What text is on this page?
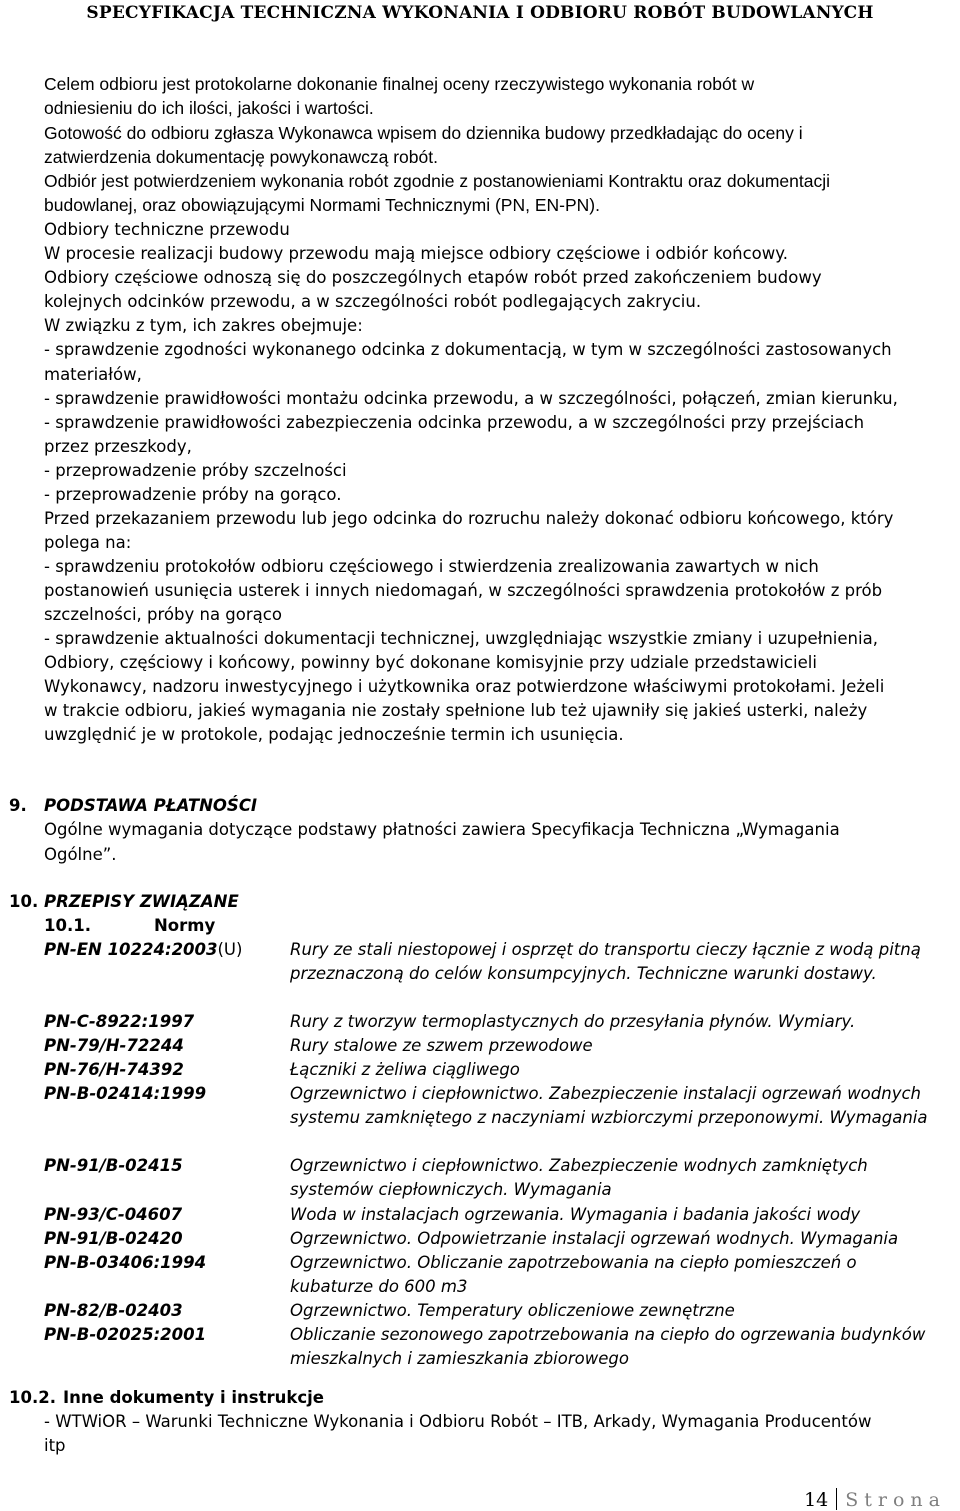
SPECYFIKACJA TECHNICZNA WYKONANIA I ODBIORU ROBÓT BUDOWLANYCH
Celem odbioru jest protokolarne dokonanie finalnej oceny rzeczywistego wykonania robót w
odniesieniu do ich ilości, jakości i wartości.
Gotowość do odbioru zgłasza Wykonawca wpisem do dziennika budowy przedkładając do oceny i
zatwierdzenia dokumentację powykonawczą robót.
Odbiór jest potwierdzeniem wykonania robót zgodnie z postanowieniami Kontraktu oraz dokumentacji
budowlanej, oraz obowiązującymi Normami Technicznymi (PN, EN-PN).
Odbiory techniczne przewodu
W procesie realizacji budowy przewodu mają miejsce odbiory częściowe i odbiór końcowy.
Odbiory częściowe odnoszą się do poszczególnych etapów robót przed zakończeniem budowy
kolejnych odcinków przewodu, a w szczególności robót podlegających zakryciu.
W związku z tym, ich zakres obejmuje:
- sprawdzenie zgodności wykonanego odcinka z dokumentacją, w tym w szczególności zastosowanych
materiałów,
- sprawdzenie prawidłowości montażu odcinka przewodu, a w szczególności, połączeń, zmian kierunku,
- sprawdzenie prawidłowości zabezpieczenia odcinka przewodu, a w szczególności przy przejściach
przez przeszkody,
- przeprowadzenie próby szczelności
- przeprowadzenie próby na gorąco.
Przed przekazaniem przewodu lub jego odcinka do rozruchu należy dokonać odbioru końcowego, który
polega na:
- sprawdzeniu protokołów odbioru częściowego i stwierdzenia zrealizowania zawartych w nich
postanowień usunięcia usterek i innych niedomagań, w szczególności sprawdzenia protokołów z prób
szczelności, próby na gorąco
- sprawdzenie aktualności dokumentacji technicznej, uwzględniając wszystkie zmiany i uzupełnienia,
Odbiory, częściowy i końcowy, powinny być dokonane komisyjnie przy udziale przedstawicieli
Wykonawcy, nadzoru inwestycyjnego i użytkownika oraz potwierdzone właściwymi protokołami. Jeżeli
w trakcie odbioru, jakieś wymagania nie zostały spełnione lub też ujawniły się jakieś usterki, należy
uwzględnić je w protokole, podając jednocześnie termin ich usunięcia.
9. PODSTAWA PŁATNOŚCI
Ogólne wymagania dotyczące podstawy płatności zawiera Specyfikacja Techniczna „Wymagania
Ogólne”.
10. PRZEPISY ZWIĄZANE
10.1.	Normy
PN-EN 10224:2003(U)	Rury ze stali niestopowej i osprzęt do transportu cieczy łącznie z wodą pitną przeznaczoną do celów konsumpcyjnych. Techniczne warunki dostawy.
PN-C-8922:1997	Rury z tworzyw termoplastycznych do przesyłania płynów. Wymiary.
PN-79/H-72244	Rury stalowe ze szwem przewodowe
PN-76/H-74392	Łączniki z żeliwa ciągliwego
PN-B-02414:1999	Ogrzewnictwo i ciepłownictwo. Zabezpieczenie instalacji ogrzewań wodnych systemu zamkniętego z naczyniami wzbiorczymi przeponowymi. Wymagania
PN-91/B-02415	Ogrzewnictwo i ciepłownictwo. Zabezpieczenie wodnych zamkniętych systemów ciepłowniczych. Wymagania
PN-93/C-04607	Woda w instalacjach ogrzewania. Wymagania i badania jakości wody
PN-91/B-02420	Ogrzewnictwo. Odpowietrzanie instalacji ogrzewań wodnych. Wymagania
PN-B-03406:1994	Ogrzewnictwo. Obliczanie zapotrzebowania na ciepło pomieszczeń o kubaturze do 600 m3
PN-82/B-02403	Ogrzewnictwo. Temperatury obliczeniowe zewnętrzne
PN-B-02025:2001	Obliczanie sezonowego zapotrzebowania na ciepło do ogrzewania budynków mieszkalnych i zamieszkania zbiorowego
10.2. Inne dokumenty i instrukcje
- WTWiOR – Warunki Techniczne Wykonania i Odbioru Robót – ITB, Arkady, Wymagania Producentów
itp
14 Strona
